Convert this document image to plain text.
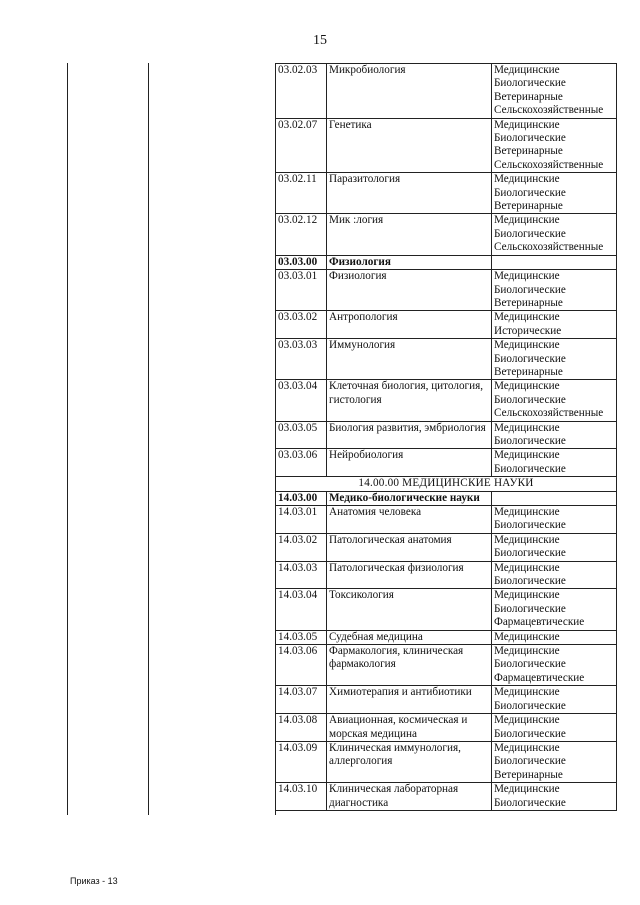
15
03.02.03	Микробиология	Медицинские
Биологические
Ветеринарные
Сельскохозяйственные

03.02.07	Генетика	Медицинские
Биологические
Ветеринарные
Сельскохозяйственные

03.02.11	Паразитология	Медицинские
Биологические
Ветеринарные

03.02.12	Мик :логия	Медицинские
Биологические
Сельскохозяйственные

03.03.00	Физиология	
03.03.01	Физиология	Медицинские
Биологические
Ветеринарные

03.03.02	Антропология	Медицинские
Исторические

03.03.03	Иммунология	Медицинские
Биологические
Ветеринарные

03.03.04	Клеточная биология, цитология, гистология	Медицинские
Биологические
Сельскохозяйственные

03.03.05	Биология развития, эмбриология	Медицинские
Биологические

03.03.06	Нейробиология	Медицинские
Биологические

14.00.00 МЕДИЦИНСКИЕ НАУКИ		
14.03.00	Медико-биологические науки	
14.03.01	Анатомия человека	Медицинские
Биологические

14.03.02	Патологическая анатомия	Медицинские
Биологические

14.03.03	Патологическая физиология	Медицинские
Биологические

14.03.04	Токсикология	Медицинские
Биологические
Фармацевтические

14.03.05	Судебная медицина	Медицинские

14.03.06	Фармакология, клиническая фармакология	Медицинские
Биологические
Фармацевтические

14.03.07	Химиотерапия и антибиотики	Медицинские
Биологические

14.03.08	Авиационная, космическая и морская медицина	Медицинские
Биологические

14.03.09	Клиническая иммунология, аллергология	Медицинские
Биологические
Ветеринарные

14.03.10	Клиническая лабораторная диагностика	Медицинские
Биологические
Приказ - 13
